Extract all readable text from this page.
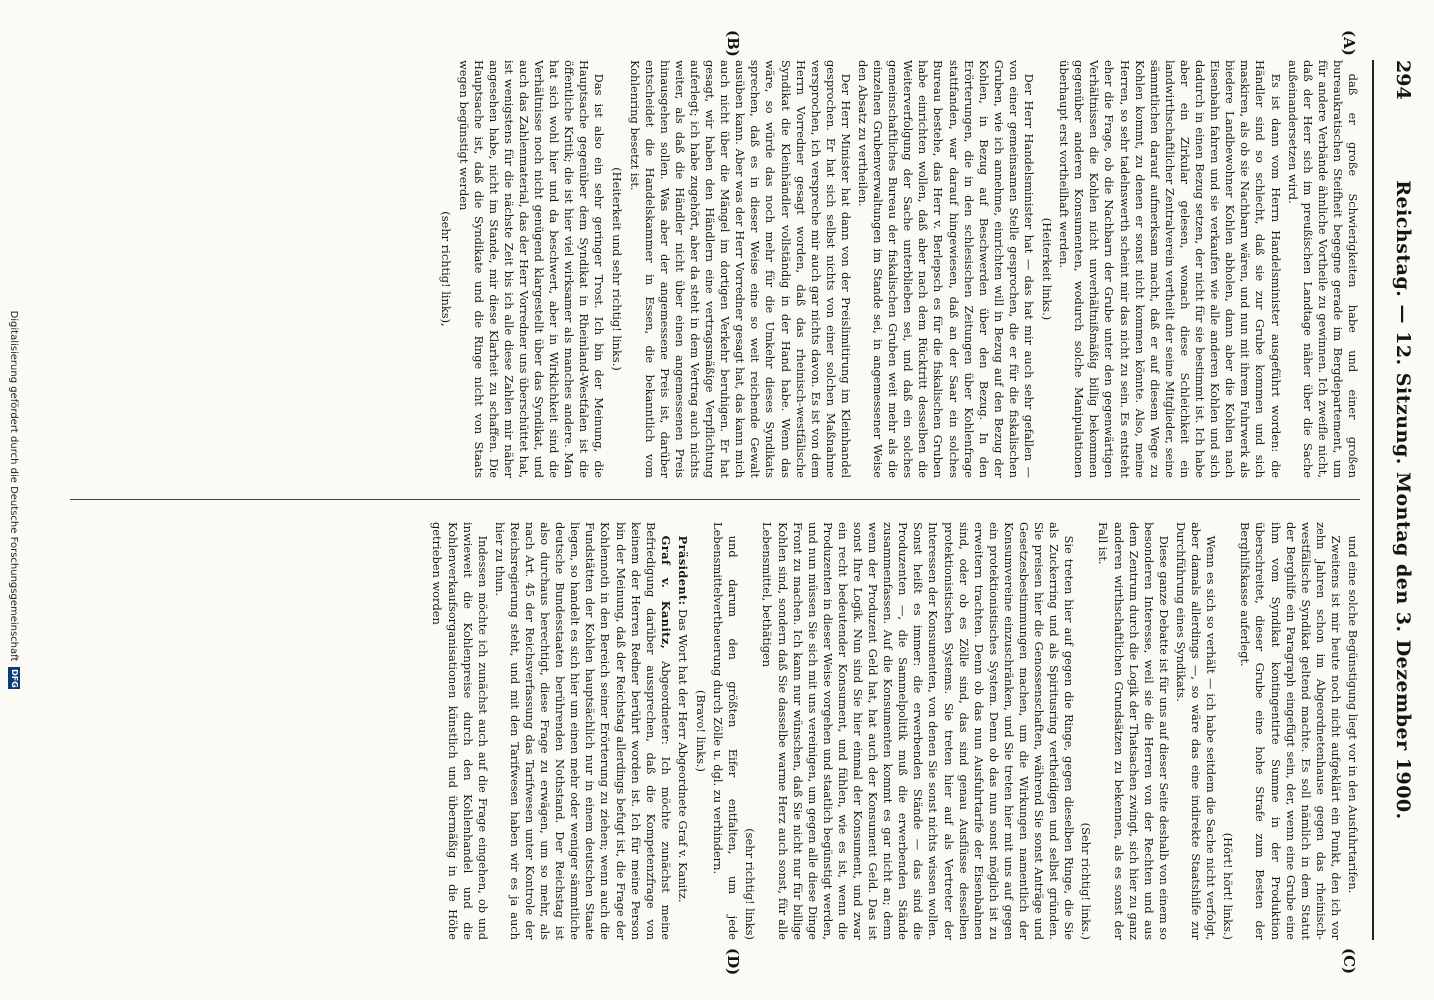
294
Reichstag. — 12. Sitzung. Montag den 3. Dezember 1900.
(A)
(B)
(C)
(D)

daß er große Schwierigkeiten habe und einer großen bureaukratischen Steifheit begegne gerade im Bergdepartement, um für andere Verbände ähnliche Vortheile zu gewinnen. Ich zweifle nicht, daß der Herr sich im preußischen Landtage näher über die Sache außeinandersetzen wird.

Es ist dann vom Herrn Handelsminister ausgeführt worden: die Händler sind so schlecht, daß sie zur Grube kommen und sich maskiren, als ob sie Nachbarn wären, und nun mit ihrem Fuhrwerk als biedere Landbewohner Kohlen abholen, dann aber die Kohlen nach Eisenbahn fahren und sie verkaufen wie alle anderen Kohlen und sich dadurch in einen Bezug setzen, der nicht für sie bestimmt ist. Ich habe aber ein Zirkular gelesen, wonach diese Schleichkeit ein landwirthschaftlicher Zentralverein vertheilt der seine Mitglieder, seine sämmtlichen darauf aufmerksam macht, daß er auf diesem Wege zu Kohlen kommt, zu denen er sonst nicht kommen könnte. Also, meine Herren, so sehr tadelnswerth scheint mir das nicht zu sein. Es entsteht eher die Frage, ob die Nachbarn der Grube unter den gegenwärtigen Verhältnissen die Kohlen nicht unverhältnißmäßig billig bekommen gegenüber anderen Konsumenten, wodurch solche Manipulationen überhaupt erst vortheilhaft werden.

(Heiterkeit links.)

Der Herr Handelsminister hat — das hat mir auch sehr gefallen — von einer gemeinsamen Stelle gesprochen, die er für die fiskalischen Gruben, wie ich annehme, einrichten will in Bezug auf den Bezug der Kohlen, in Bezug auf Beschwerden über den Bezug. In den Erörterungen, die in den schlesischen Zeitungen über Kohlenfrage stattfanden, war darauf hingewiesen, daß an der Saar ein solches Bureau bestehe, das Herr v. Berlepsch es für die fiskalischen Gruben habe einrichten wollen, daß aber nach dem Rücktritt desselben die Weiterverfolgung der Sache unterblieben sei, und daß ein solches gemeinschaftliches Bureau der fiskalischen Gruben weit mehr als die einzelnen Grubenverwaltungen im Stande sei, in angemessener Weise den Absatz zu vertheilen.

Der Herr Minister hat dann von der Preislimitirung im Kleinhandel gesprochen. Er hat sich selbst nichts von einer solchen Maßnahme versprochen, ich verspreche mir auch gar nichts davon. Es ist von dem Herrn Vorredner gesagt worden, daß das rheinisch-westfälische Syndikat die Kleinhändler vollständig in der Hand habe. Wenn das wäre, so würde das noch mehr für die Umkehr dieses Syndikats sprechen, daß es in dieser Weise eine so weit reichende Gewalt ausüben kann. Aber was der Herr Vorredner gesagt hat, das kann mich auch nicht über die Mängel im dortigen Verkehr beruhigen. Er hat gesagt, wir haben den Händlern eine vertragsmäßige Verpflichtung auferlegt; ich habe zugehört, aber da steht in dem Vertrag auch nichts weiter, als daß die Händler nicht über einen angemessenen Preis hinausgehen sollen. Was aber der angemessene Preis ist, darüber entscheidet die Handelskammer in Essen, die bekanntlich vom Kohlenring besetzt ist.

(Heiterkeit und sehr richtig! links.)

Das ist also ein sehr geringer Trost. Ich bin der Meinung, die Hauptsache gegenüber dem Syndikat in Rheinland-Westfalen ist die öffentliche Kritik; die ist hier viel wirksamer als manches andere. Man hat sich wohl hier und da beschwert, aber in Wirklichkeit sind die Verhältnisse noch nicht genügend klargestellt über das Syndikat, und auch das Zahlenmaterial, das der Herr Vorredner uns überschüttet hat, ist wenigstens für die nächste Zeit bis ich alle diese Zahlen mir näher angesehen habe, nicht im Stande, mir diese Klarheit zu schaffen. Die Hauptsache ist, daß die Syndikate und die Ringe nicht von Staats wegen begünstigt werden

(sehr richtig! links),

und eine solche Begünstigung liegt vor in den Ausfuhrtarifen.

Zweitens ist mir heute noch nicht aufgeklärt ein Punkt, den ich vor zehn Jahren schon im Abgeordnetenhause gegen das rheinisch-westfälische Syndikat geltend machte. Es soll nämlich in dem Statut der Berghilfe ein Paragraph eingefügt sein, der, wenn eine Grube eine ihm vom Syndikat kontingentirte Summe in der Produktion überschreitet, dieser Grube eine hohe Strafe zum Besten der Berghilfskasse auferlegt.

(Hört! hört! links.)

Wenn es sich so verhält — ich habe seitdem die Sache nicht verfolgt, aber damals allerdings —, so wäre das eine indirekte Staatshilfe zur Durchführung eines Syndikats.

Diese ganze Debatte ist für uns auf dieser Seite deshalb von einem so besonderen Interesse, weil sie die Herren von der Rechten und aus dem Zentrum durch die Logik der Thatsachen zwingt, sich hier zu ganz anderen wirthschaftlichen Grundsätzen zu bekennen, als es sonst der Fall ist.

(Sehr richtig! links.)

Sie treten hier auf gegen die Ringe, gegen dieselben Ringe, die Sie als Zuckerring und als Spiritusring vertheidigen und selbst gründen. Sie preisen hier die Genossenschaften, während Sie sonst Anträge und Gesetzesbestimmungen machen, um die Wirkungen namentlich der Konsumvereine einzuschränken, und Sie treten hier mit uns auf gegen ein protektionistisches System. Denn ob das nun sonst möglich ist zu erweitern trachten. Denn ob das nun Ausfuhrtarife der Eisenbahnen sind, oder ob es Zölle sind, das sind genau Ausflüsse desselben protektionistischen Systems. Sie treten hier auf als Vertreter der Interessen der Konsumenten, von denen Sie sonst nichts wissen wollen. Sonst heißt es immer: die erwerbenden Stände — das sind die Produzenten —, die Sammelpolitik muß die erwerbenden Stände zusammenfassen. Auf die Konsumenten kommt es gar nicht an; denn wenn der Produzent Geld hat, hat auch der Konsument Geld. Das ist sonst Ihre Logik. Nun sind Sie hier einmal der Konsument, und zwar ein recht bedeutender Konsument, und fühlen, wie es ist, wenn die Produzenten in dieser Weise vorgehen und staatlich begünstigt werden, und nun müssen Sie sich mit uns vereinigen, um gegen alle diese Dinge Front zu machen. Ich kann nur wünschen, daß Sie nicht nur für billige Kohlen sind, sondern daß Sie dasselbe warme Herz auch sonst, für alle Lebensmittel, bethätigen

(sehr richtig! links)

und darum den größten Eifer entfalten, um jede Lebensmittelvertheuerung durch Zölle u. dgl. zu verhindern.

(Bravo! links.)

Präsident: Das Wort hat der Herr Abgeordnete Graf v. Kanitz.

Graf v. Kanitz, Abgeordneter: Ich möchte zunächst meine Befriedigung darüber aussprechen, daß die Kompetenzfrage von keinem der Herren Redner berührt worden ist. Ich für meine Person bin der Meinung, daß der Reichstag allerdings befugt ist, die Frage der Kohlennoth in den Bereich seiner Erörterung zu ziehen; wenn auch die Fundstätten der Kohlen hauptsächlich nur in einem deutschen Staate liegen, so handelt es sich hier um einen mehr oder weniger sämmtliche deutsche Bundesstaaten berührenden Nothstand. Der Reichstag ist also durchaus berechtigt, diese Frage zu erwägen, um so mehr, als nach Art. 45 der Reichsverfassung das Tarifwesen unter Kontrole der Reichsregierung steht, und mit den Tarifwesen haben wir es ja auch hier zu thun.

Indessen möchte ich zunächst auch auf die Frage eingehen, ob und inwieweit die Kohlenpreise durch den Kohlenhandel und die Kohlenverkaufsorganisationen künstlich und übermäßig in die Höhe getrieben worden

Digitalisierung gefördert durch die Deutsche Forschungsgemeinschaft
DFG
